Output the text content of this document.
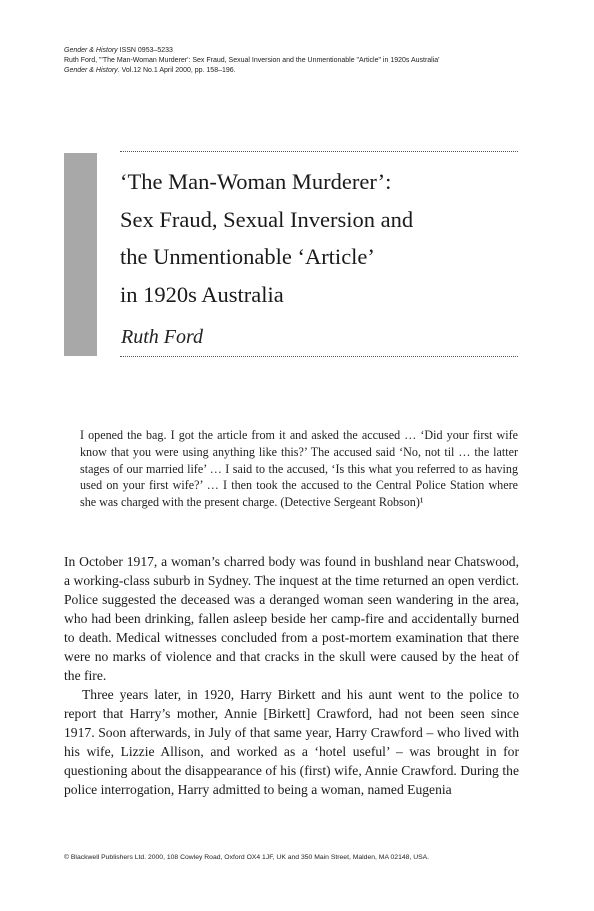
Gender & History ISSN 0953–5233
Ruth Ford, "'The Man-Woman Murderer': Sex Fraud, Sexual Inversion and the Unmentionable "Article" in 1920s Australia'
Gender & History. Vol.12 No.1 April 2000, pp. 158–196.
‘The Man-Woman Murderer’:
Sex Fraud, Sexual Inversion and
the Unmentionable ‘Article’
in 1920s Australia
Ruth Ford
I opened the bag. I got the article from it and asked the accused … ‘Did your first wife know that you were using anything like this?’ The accused said ‘No, not til … the latter stages of our married life’ … I said to the accused, ‘Is this what you referred to as having used on your first wife?’ … I then took the accused to the Central Police Station where she was charged with the present charge. (Detective Sergeant Robson)¹

In October 1917, a woman’s charred body was found in bushland near Chatswood, a working-class suburb in Sydney. The inquest at the time returned an open verdict. Police suggested the deceased was a deranged woman seen wandering in the area, who had been drinking, fallen asleep beside her camp-fire and accidentally burned to death. Medical witnesses concluded from a post-mortem examination that there were no marks of violence and that cracks in the skull were caused by the heat of the fire.

Three years later, in 1920, Harry Birkett and his aunt went to the police to report that Harry’s mother, Annie [Birkett] Crawford, had not been seen since 1917. Soon afterwards, in July of that same year, Harry Crawford – who lived with his wife, Lizzie Allison, and worked as a ‘hotel useful’ – was brought in for questioning about the disappearance of his (first) wife, Annie Crawford. During the police interrogation, Harry admitted to being a woman, named Eugenia

© Blackwell Publishers Ltd. 2000, 108 Cowley Road, Oxford OX4 1JF, UK and 350 Main Street, Malden, MA 02148, USA.
